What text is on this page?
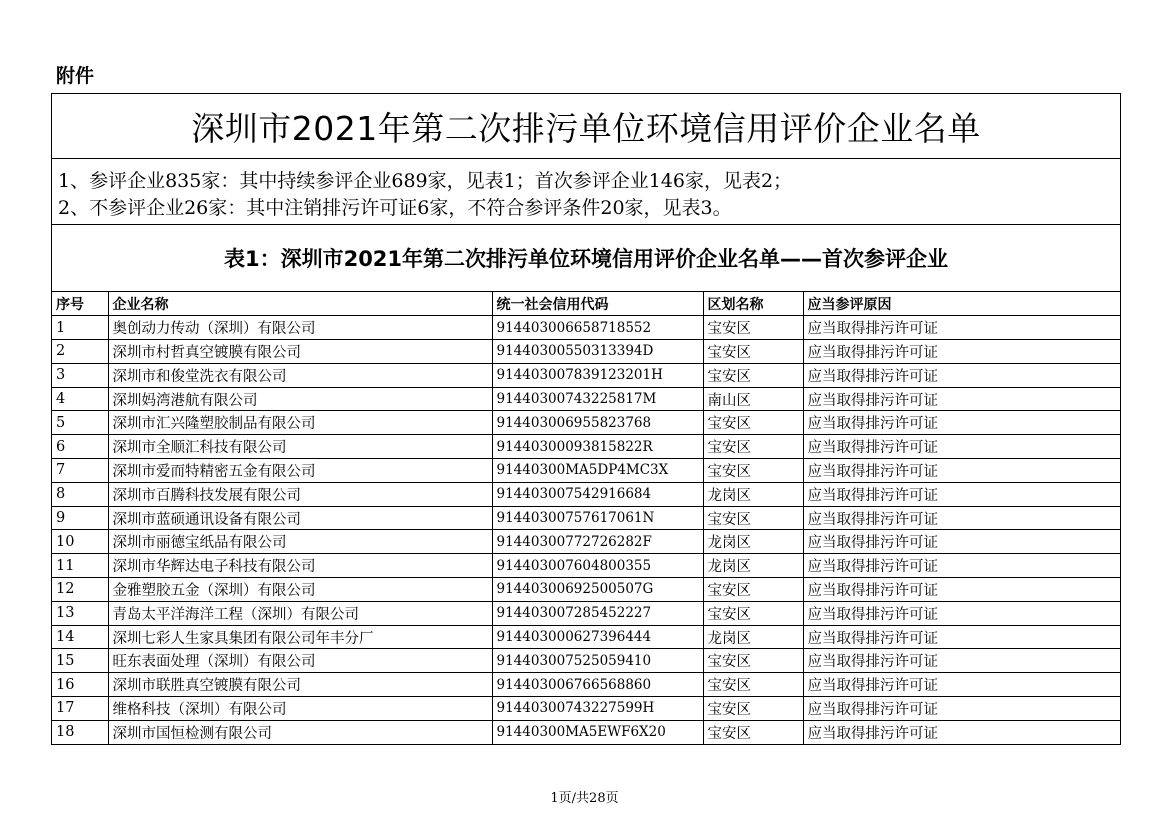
附件
深圳市2021年第二次排污单位环境信用评价企业名单
1、参评企业835家：其中持续参评企业689家，见表1；首次参评企业146家，见表2；
2、不参评企业26家：其中注销排污许可证6家，不符合参评条件20家，见表3。
表1：深圳市2021年第二次排污单位环境信用评价企业名单——首次参评企业
序号	企业名称	统一社会信用代码	区划名称	应当参评原因
1	奥创动力传动（深圳）有限公司	914403006658718552	宝安区	应当取得排污许可证
2	深圳市村哲真空镀膜有限公司	91440300550313394D	宝安区	应当取得排污许可证
3	深圳市和俊堂洗衣有限公司	914403007839123201H	宝安区	应当取得排污许可证
4	深圳妈湾港航有限公司	91440300743225817M	南山区	应当取得排污许可证
5	深圳市汇兴隆塑胶制品有限公司	914403006955823768	宝安区	应当取得排污许可证
6	深圳市全顺汇科技有限公司	91440300093815822R	宝安区	应当取得排污许可证
7	深圳市爱而特精密五金有限公司	91440300MA5DP4MC3X	宝安区	应当取得排污许可证
8	深圳市百腾科技发展有限公司	914403007542916684	龙岗区	应当取得排污许可证
9	深圳市蓝硕通讯设备有限公司	91440300757617061N	宝安区	应当取得排污许可证
10	深圳市丽德宝纸品有限公司	91440300772726282F	龙岗区	应当取得排污许可证
11	深圳市华辉达电子科技有限公司	914403007604800355	龙岗区	应当取得排污许可证
12	金雅塑胶五金（深圳）有限公司	91440300692500507G	宝安区	应当取得排污许可证
13	青岛太平洋海洋工程（深圳）有限公司	914403007285452227	宝安区	应当取得排污许可证
14	深圳七彩人生家具集团有限公司年丰分厂	914403000627396444	龙岗区	应当取得排污许可证
15	旺东表面处理（深圳）有限公司	914403007525059410	宝安区	应当取得排污许可证
16	深圳市联胜真空镀膜有限公司	914403006766568860	宝安区	应当取得排污许可证
17	维格科技（深圳）有限公司	91440300743227599H	宝安区	应当取得排污许可证
18	深圳市国恒检测有限公司	91440300MA5EWF6X20	宝安区	应当取得排污许可证
1页/共28页
